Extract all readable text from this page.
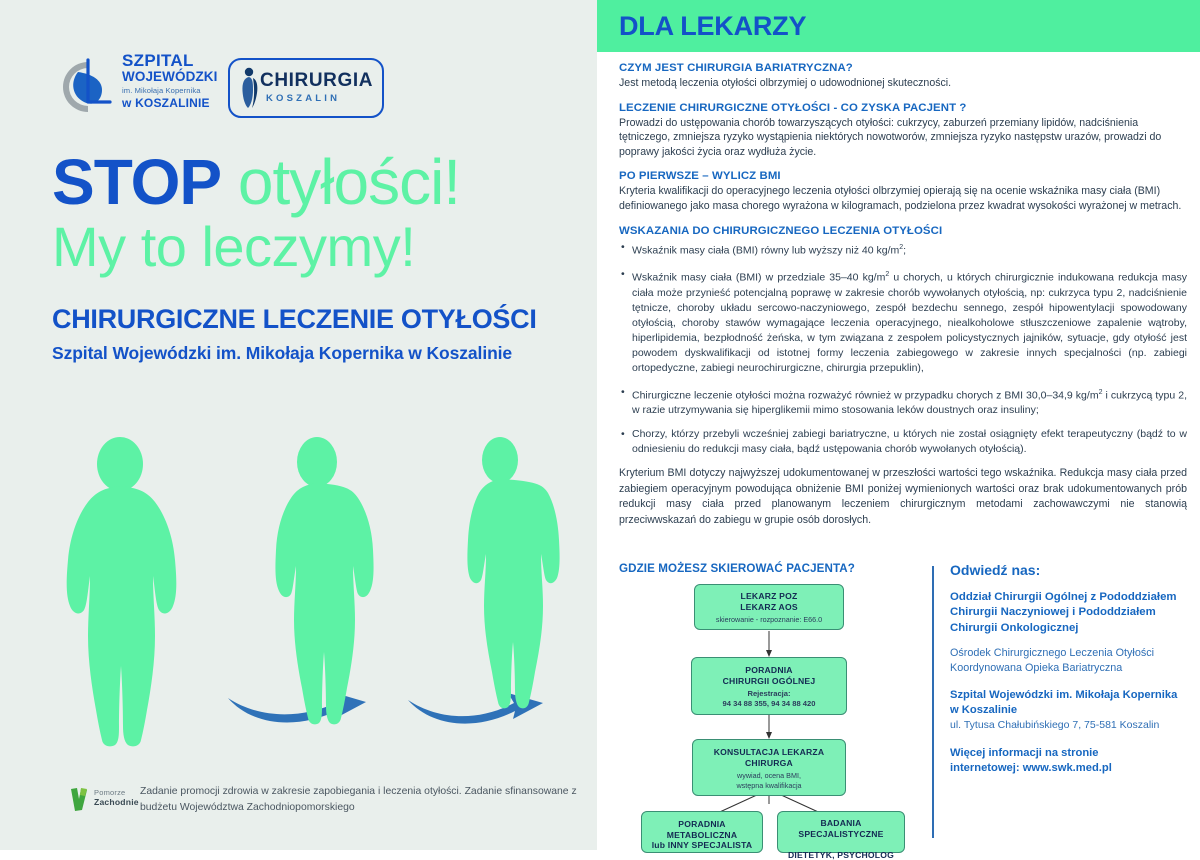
SZPITAL
WOJEWÓDZKI
im. Mikołaja Kopernika
w KOSZALINIE
CHIRURGIA
KOSZALIN
STOP otyłości!
My to leczymy!
CHIRURGICZNE LECZENIE OTYŁOŚCI
Szpital Wojewódzki im. Mikołaja Kopernika w Koszalinie
Pomorze
Zachodnie
Zadanie promocji zdrowia w zakresie zapobiegania i leczenia otyłości. Zadanie sfinansowane z budżetu Województwa Zachodniopomorskiego
DLA LEKARZY
CZYM JEST CHIRURGIA BARIATRYCZNA?
Jest metodą leczenia otyłości olbrzymiej o udowodnionej skuteczności.
LECZENIE CHIRURGICZNE OTYŁOŚCI - CO ZYSKA PACJENT ?
Prowadzi do ustępowania chorób towarzyszących otyłości: cukrzycy, zaburzeń przemiany lipidów, nadciśnienia tętniczego, zmniejsza ryzyko wystąpienia niektórych nowotworów, zmniejsza ryzyko następstw urazów, prowadzi do poprawy jakości życia oraz wydłuża życie.
PO PIERWSZE – WYLICZ BMI
Kryteria kwalifikacji do operacyjnego leczenia otyłości olbrzymiej opierają się na ocenie wskaźnika masy ciała (BMI) definiowanego jako masa chorego wyrażona w kilogramach, podzielona przez kwadrat wysokości wyrażonej w metrach.
WSKAZANIA DO CHIRURGICZNEGO LECZENIA OTYŁOŚCI
• Wskaźnik masy ciała (BMI) równy lub wyższy niż 40 $kg/m^2$;
• Wskaźnik masy ciała (BMI) w przedziale 35–40 $kg/m^2$ u chorych, u których chirurgicznie indukowana redukcja masy ciała może przynieść potencjalną poprawę w zakresie chorób wywołanych otyłością, np: cukrzyca typu 2, nadciśnienie tętnicze, choroby układu sercowo-naczyniowego, zespół bezdechu sennego, zespół hipowentylacji spowodowany otyłością, choroby stawów wymagające leczenia operacyjnego, niealkoholowe stłuszczeniowe zapalenie wątroby, hiperlipidemia, bezpłodność żeńska, w tym związana z zespołem policystycznych jajników, sytuacje, gdy otyłość jest powodem dyskwalifikacji od istotnej formy leczenia zabiegowego w zakresie innych specjalności (np. zabiegi ortopedyczne, zabiegi neurochirurgiczne, chirurgia przepuklin),
• Chirurgiczne leczenie otyłości można rozważyć również w przypadku chorych z BMI 30,0–34,9 $kg/m^2$ i cukrzycą typu 2, w razie utrzymywania się hiperglikemii mimo stosowania leków doustnych oraz insuliny;
• Chorzy, którzy przebyli wcześniej zabiegi bariatryczne, u których nie został osiągnięty efekt terapeutyczny (bądź to w odniesieniu do redukcji masy ciała, bądź ustępowania chorób wywołanych otyłością).
Kryterium BMI dotyczy najwyższej udokumentowanej w przeszłości wartości tego wskaźnika. Redukcja masy ciała przed zabiegiem operacyjnym powodująca obniżenie BMI poniżej wymienionych wartości oraz brak udokumentowanych prób redukcji masy ciała przed planowanym leczeniem chirurgicznym metodami zachowawczymi nie stanowią przeciwwskazań do zabiegu w grupie osób dorosłych.
GDZIE MOŻESZ SKIEROWAĆ PACJENTA?
LEKARZ POZ
LEKARZ AOS
skierowanie - rozpoznanie: E66.0
PORADNIA
CHIRURGII OGÓLNEJ
Rejestracja:
94 34 88 355, 94 34 88 420
KONSULTACJA LEKARZA
CHIRURGA
wywiad, ocena BMI,
wstępna kwalifikacja
PORADNIA
METABOLICZNA
lub INNY SPECJALISTA
BADANIA
SPECJALISTYCZNE

DIETETYK, PSYCHOLOG
Odwiedź nas:
Oddział Chirurgii Ogólnej z Pododdziałem Chirurgii Naczyniowej i Pododdziałem Chirurgii Onkologicznej
Ośrodek Chirurgicznego Leczenia Otyłości
Koordynowana Opieka Bariatryczna
Szpital Wojewódzki im. Mikołaja Kopernika
w Koszalinie
ul. Tytusa Chałubińskiego 7, 75-581 Koszalin
Więcej informacji na stronie
internetowej: www.swk.med.pl
